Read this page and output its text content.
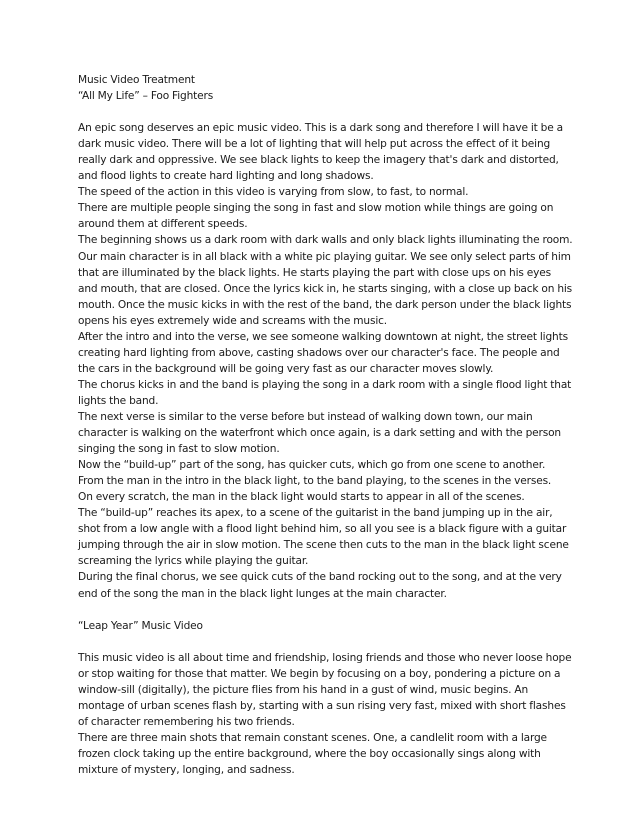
Music Video Treatment

“All My Life” – Foo Fighters

An epic song deserves an epic music video. This is a dark song and therefore I will have it be a dark music video. There will be a lot of lighting that will help put across the effect of it being really dark and oppressive. We see black lights to keep the imagery that's dark and distorted, and flood lights to create hard lighting and long shadows.

The speed of the action in this video is varying from slow, to fast, to normal.

There are multiple people singing the song in fast and slow motion while things are going on around them at different speeds.

The beginning shows us a dark room with dark walls and only black lights illuminating the room. Our main character is in all black with a white pic playing guitar. We see only select parts of him that are illuminated by the black lights. He starts playing the part with close ups on his eyes and mouth, that are closed. Once the lyrics kick in, he starts singing, with a close up back on his mouth. Once the music kicks in with the rest of the band, the dark person under the black lights opens his eyes extremely wide and screams with the music.

After the intro and into the verse, we see someone walking downtown at night, the street lights creating hard lighting from above, casting shadows over our character's face. The people and the cars in the background will be going very fast as our character moves slowly.

The chorus kicks in and the band is playing the song in a dark room with a single flood light that lights the band.

The next verse is similar to the verse before but instead of walking down town, our main character is walking on the waterfront which once again, is a dark setting and with the person singing the song in fast to slow motion.

Now the “build-up” part of the song, has quicker cuts, which go from one scene to another. From the man in the intro in the black light, to the band playing, to the scenes in the verses.

On every scratch, the man in the black light would starts to appear in all of the scenes.

The “build-up” reaches its apex, to a scene of the guitarist in the band jumping up in the air, shot from a low angle with a flood light behind him, so all you see is a black figure with a guitar jumping through the air in slow motion. The scene then cuts to the man in the black light scene screaming the lyrics while playing the guitar.

During the final chorus, we see quick cuts of the band rocking out to the song, and at the very end of the song the man in the black light lunges at the main character.

“Leap Year” Music Video

This music video is all about time and friendship, losing friends and those who never loose hope or stop waiting for those that matter. We begin by focusing on a boy, pondering a picture on a window-sill (digitally), the picture flies from his hand in a gust of wind, music begins. An montage of urban scenes flash by, starting with a sun rising very fast, mixed with short flashes of character remembering his two friends.

There are three main shots that remain constant scenes. One, a candlelit room with a large frozen clock taking up the entire background, where the boy occasionally sings along with mixture of mystery, longing, and sadness.
